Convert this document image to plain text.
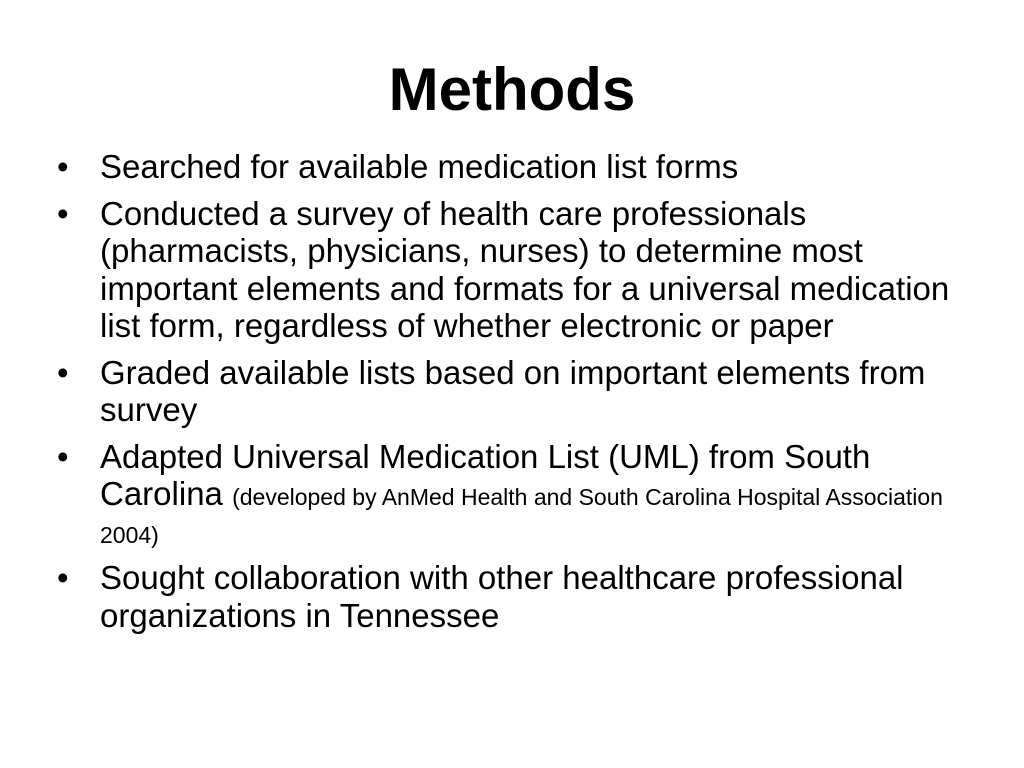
Methods
• Searched for available medication list forms
• Conducted a survey of health care professionals (pharmacists, physicians, nurses) to determine most important elements and formats for a universal medication list form, regardless of whether electronic or paper
• Graded available lists based on important elements from survey
• Adapted Universal Medication List (UML) from South Carolina (developed by AnMed Health and South Carolina Hospital Association 2004)
• Sought collaboration with other healthcare professional organizations in Tennessee
